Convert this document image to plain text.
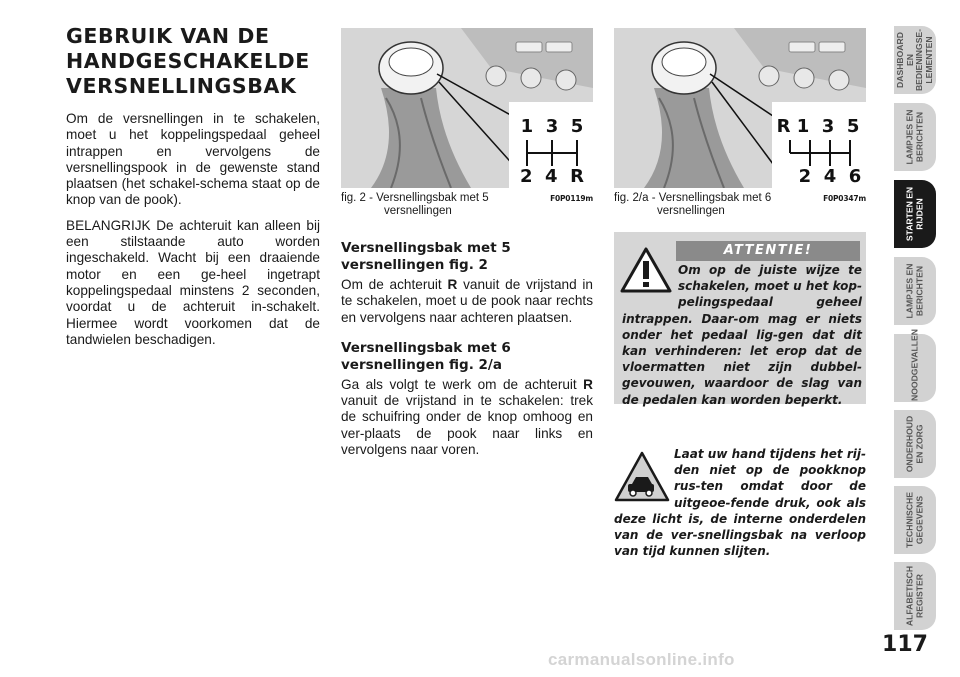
GEBRUIK VAN DE
HANDGESCHAKELDE
VERSNELLINGSBAK

Om de versnellingen in te schakelen, moet u het koppelingspedaal geheel intrappen en vervolgens de versnellingspook in de gewenste stand plaatsen (het schakel-schema staat op de knop van de pook).

BELANGRIJK De achteruit kan alleen bij een stilstaande auto worden ingeschakeld. Wacht bij een draaiende motor en een ge-heel ingetrapt koppelingspedaal minstens 2 seconden, voordat u de achteruit in-schakelt. Hiermee wordt voorkomen dat de tandwielen beschadigen.

1  3  5
2  4  R
fig. 2 - Versnellingsbak met 5
versnellingen
F0P0119m
R 1  3  5
2  4  6
fig. 2/a - Versnellingsbak met 6
versnellingen
F0P0347m
Versnellingsbak met 5
versnellingen fig. 2

Om de achteruit R vanuit de vrijstand in te schakelen, moet u de pook naar rechts en vervolgens naar achteren plaatsen.

Versnellingsbak met 6
versnellingen fig. 2/a

Ga als volgt te werk om de achteruit R vanuit de vrijstand in te schakelen: trek de schuifring onder de knop omhoog en ver-plaats de pook naar links en vervolgens naar voren.

ATTENTIE!
Om op de juiste wijze te schakelen, moet u het kop-pelingspedaal geheel intrappen. Daar-om mag er niets onder het pedaal lig-gen dat dit kan verhinderen: let erop dat de vloermatten niet zijn dubbel-gevouwen, waardoor de slag van de pedalen kan worden beperkt.

Laat uw hand tijdens het rij-den niet op de pookknop rus-ten omdat door de uitgeoe-fende druk, ook als deze licht is, de interne onderdelen van de ver-snellingsbak na verloop van tijd kunnen slijten.

DASHBOARD EN
BEDIENINGSE-
LEMENTEN
LAMPJES EN
BERICHTEN
STARTEN EN
RIJDEN
LAMPJES EN
BERICHTEN
NOODGEVALLEN
ONDERHOUD
EN ZORG
TECHNISCHE
GEGEVENS
ALFABETISCH
REGISTER
117
carmanualsonline.info
